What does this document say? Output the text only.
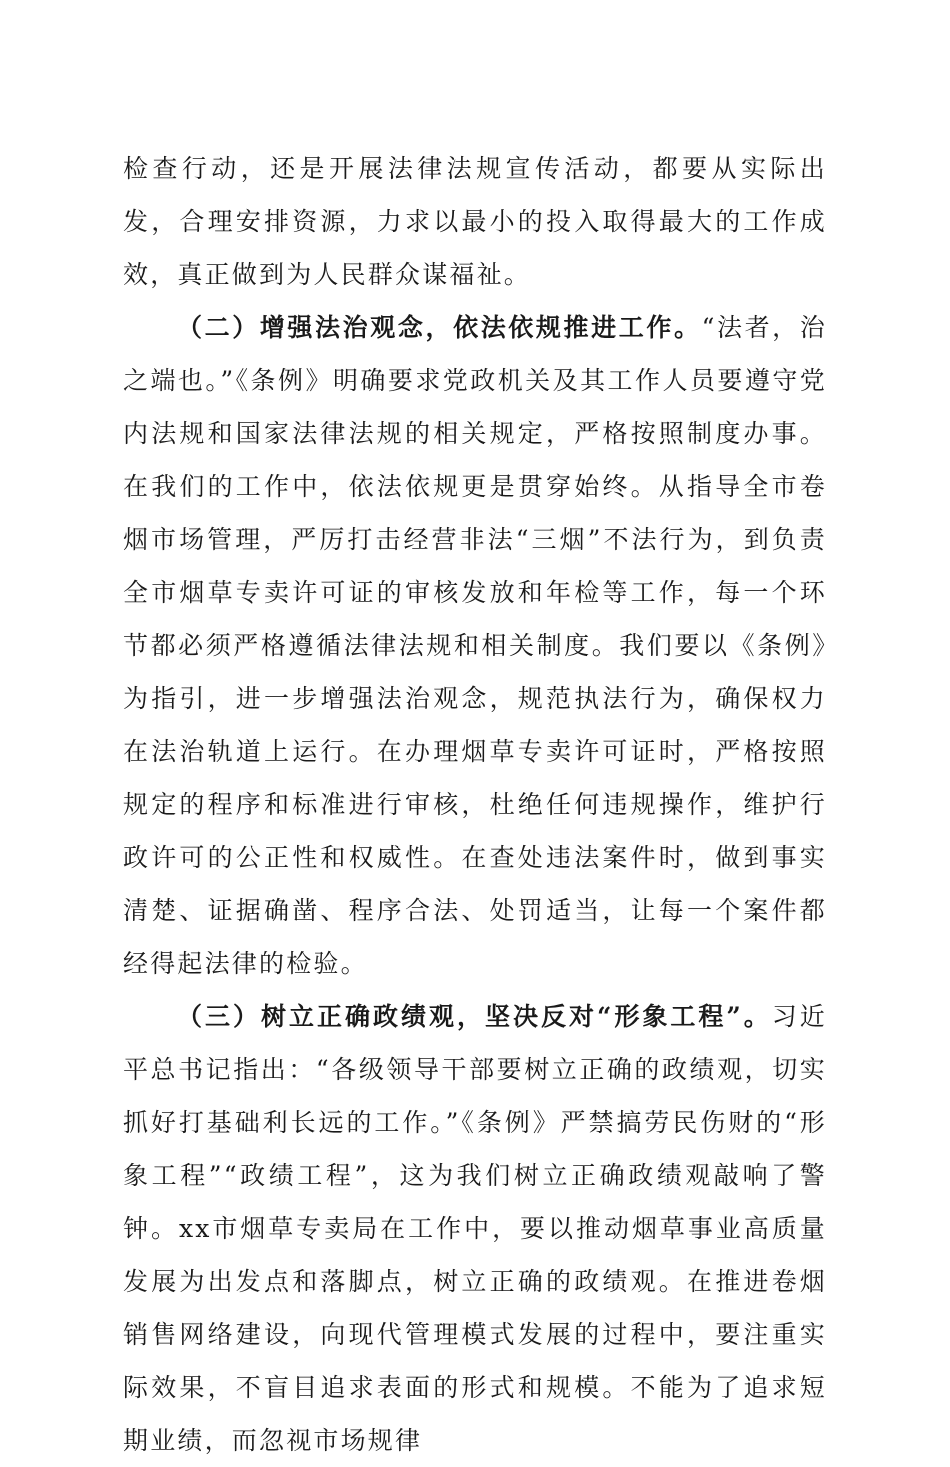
检查行动，还是开展法律法规宣传活动，都要从实际出发，合理安排资源，力求以最小的投入取得最大的工作成效，真正做到为人民群众谋福祉。

（二）增强法治观念，依法依规推进工作。“法者，治之端也。”《条例》明确要求党政机关及其工作人员要遵守党内法规和国家法律法规的相关规定，严格按照制度办事。在我们的工作中，依法依规更是贯穿始终。从指导全市卷烟市场管理，严厉打击经营非法“三烟”不法行为，到负责全市烟草专卖许可证的审核发放和年检等工作，每一个环节都必须严格遵循法律法规和相关制度。我们要以《条例》为指引，进一步增强法治观念，规范执法行为，确保权力在法治轨道上运行。在办理烟草专卖许可证时，严格按照规定的程序和标准进行审核，杜绝任何违规操作，维护行政许可的公正性和权威性。在查处违法案件时，做到事实清楚、证据确凿、程序合法、处罚适当，让每一个案件都经得起法律的检验。

（三）树立正确政绩观，坚决反对“形象工程”。习近平总书记指出：“各级领导干部要树立正确的政绩观，切实抓好打基础利长远的工作。”《条例》严禁搞劳民伤财的“形象工程”“政绩工程”，这为我们树立正确政绩观敲响了警钟。xx市烟草专卖局在工作中，要以推动烟草事业高质量发展为出发点和落脚点，树立正确的政绩观。在推进卷烟销售网络建设，向现代管理模式发展的过程中，要注重实际效果，不盲目追求表面的形式和规模。不能为了追求短期业绩，而忽视市场规律
